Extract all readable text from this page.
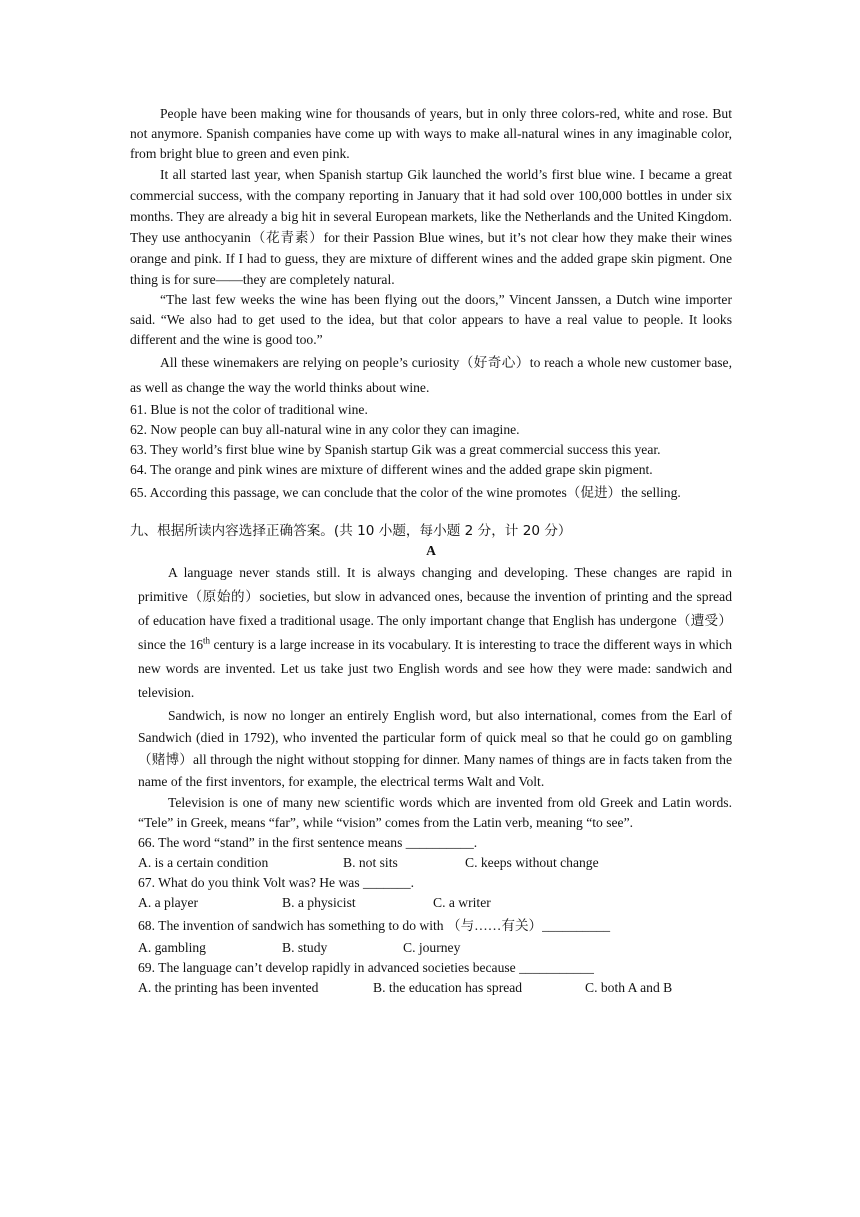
People have been making wine for thousands of years, but in only three colors-red, white and rose. But not anymore. Spanish companies have come up with ways to make all-natural wines in any imaginable color, from bright blue to green and even pink.

It all started last year, when Spanish startup Gik launched the world’s first blue wine. I became a great commercial success, with the company reporting in January that it had sold over 100,000 bottles in under six months. They are already a big hit in several European markets, like the Netherlands and the United Kingdom. They use anthocyanin（花青素）for their Passion Blue wines, but it’s not clear how they make their wines orange and pink. If I had to guess, they are mixture of different wines and the added grape skin pigment. One thing is for sure——they are completely natural.

“The last few weeks the wine has been flying out the doors,” Vincent Janssen, a Dutch wine importer said. “We also had to get used to the idea, but that color appears to have a real value to people. It looks different and the wine is good too.”

All these winemakers are relying on people’s curiosity（好奇心）to reach a whole new customer base, as well as change the way the world thinks about wine.

61. Blue is not the color of traditional wine.

62. Now people can buy all-natural wine in any color they can imagine.

63. They world’s first blue wine by Spanish startup Gik was a great commercial success this year.

64. The orange and pink wines are mixture of different wines and the added grape skin pigment.

65. According this passage, we can conclude that the color of the wine promotes（促进）the selling.

九、根据所读内容选择正确答案。(共 10 小题，每小题 2 分，计 20 分）

A

A language never stands still. It is always changing and developing. These changes are rapid in primitive（原始的）societies, but slow in advanced ones, because the invention of printing and the spread of education have fixed a traditional usage. The only important change that English has undergone（遭受）since the 16th century is a large increase in its vocabulary. It is interesting to trace the different ways in which new words are invented. Let us take just two English words and see how they were made: sandwich and television.

Sandwich, is now no longer an entirely English word, but also international, comes from the Earl of Sandwich (died in 1792), who invented the particular form of quick meal so that he could go on gambling（赌博）all through the night without stopping for dinner. Many names of things are in facts taken from the name of the first inventors, for example, the electrical terms Walt and Volt.

Television is one of many new scientific words which are invented from old Greek and Latin words. “Tele” in Greek, means “far”, while “vision” comes from the Latin verb, meaning “to see”.

66. The word “stand” in the first sentence means __________.

A. is a certain condition	B. not sits	C. keeps without change

67. What do you think Volt was? He was _______.

A. a player	B. a physicist	C. a writer

68. The invention of sandwich has something to do with （与……有关）__________

A. gambling	B. study	C. journey

69. The language can’t develop rapidly in advanced societies because ___________

A. the printing has been invented	B. the education has spread	C. both A and B
